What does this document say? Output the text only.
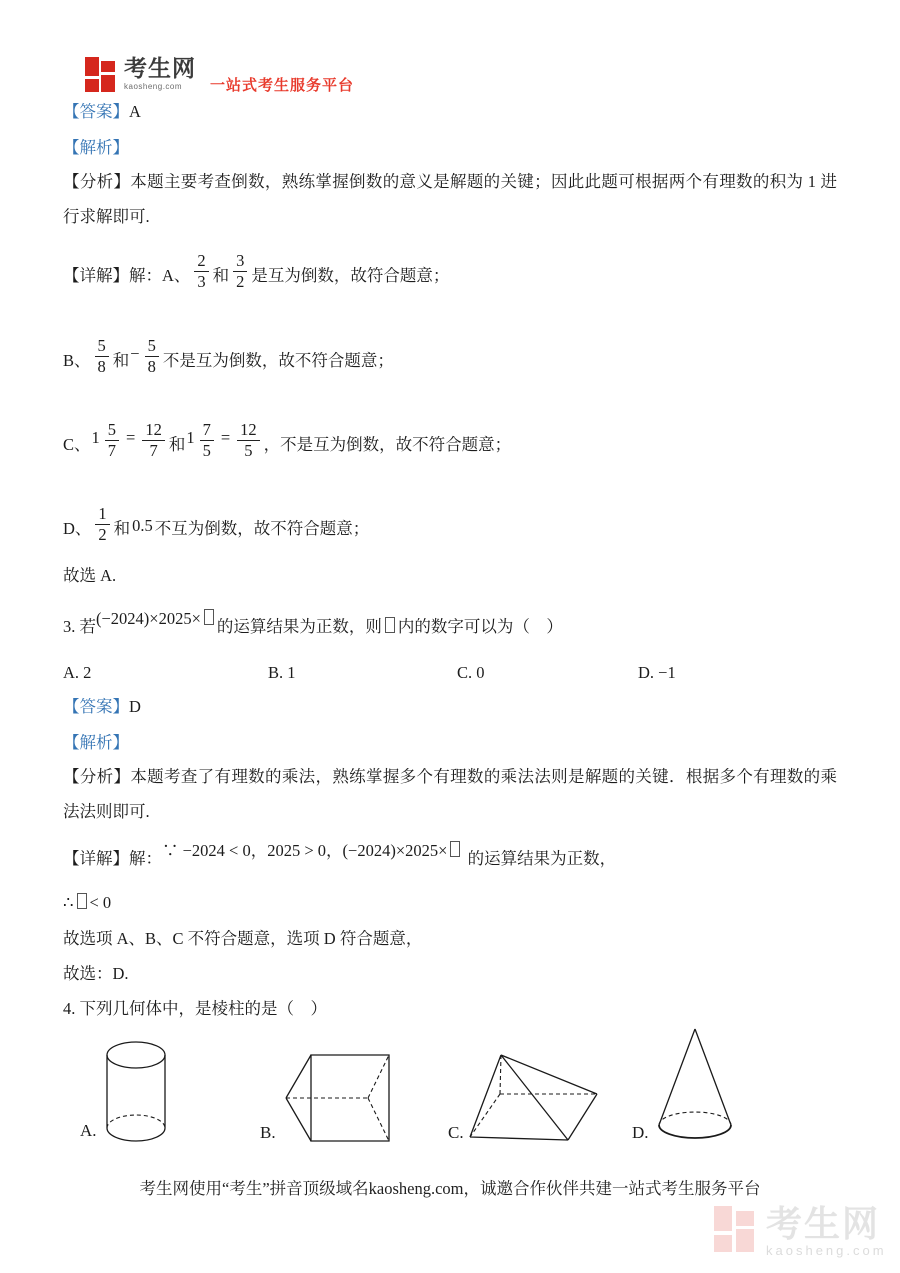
考生网
kaosheng.com	一站式考生服务平台
【答案】A
【解析】
【分析】本题主要考查倒数，熟练掌握倒数的意义是解题的关键；因此此题可根据两个有理数的积为 1 进
行求解即可.
【详解】解：A、 $\frac{2}{3}$ 和 $\frac{3}{2}$ 是互为倒数，故符合题意；
B、 $\frac{5}{8}$ 和− $\frac{5}{8}$ 不是互为倒数，故不符合题意；
C、$1 \frac{5}{7} = \frac{12}{7}$ 和$1 \frac{7}{5} = \frac{12}{5}$ ，不是互为倒数，故不符合题意；
D、 $\frac{1}{2}$ 和 0.5 不互为倒数，故不符合题意；
故选 A.
3. 若(−2024)×2025× 的运算结果为正数，则 内的数字可以为（　）
A. 2	B. 1	C. 0	D. −1
【答案】D
【解析】
【分析】本题考查了有理数的乘法，熟练掌握多个有理数的乘法法则是解题的关键．根据多个有理数的乘
法法则即可.
【详解】解：∵ −2024 < 0，2025 > 0，(−2024)×2025× 的运算结果为正数，
∴ < 0
故选项 A、B、C 不符合题意，选项 D 符合题意，
故选：D.
4. 下列几何体中，是棱柱的是（　）
A.	B.	C.	D.
考生网使用“考生”拼音顶级域名kaosheng.com，诚邀合作伙伴共建一站式考生服务平台
考生网
kaosheng.com
